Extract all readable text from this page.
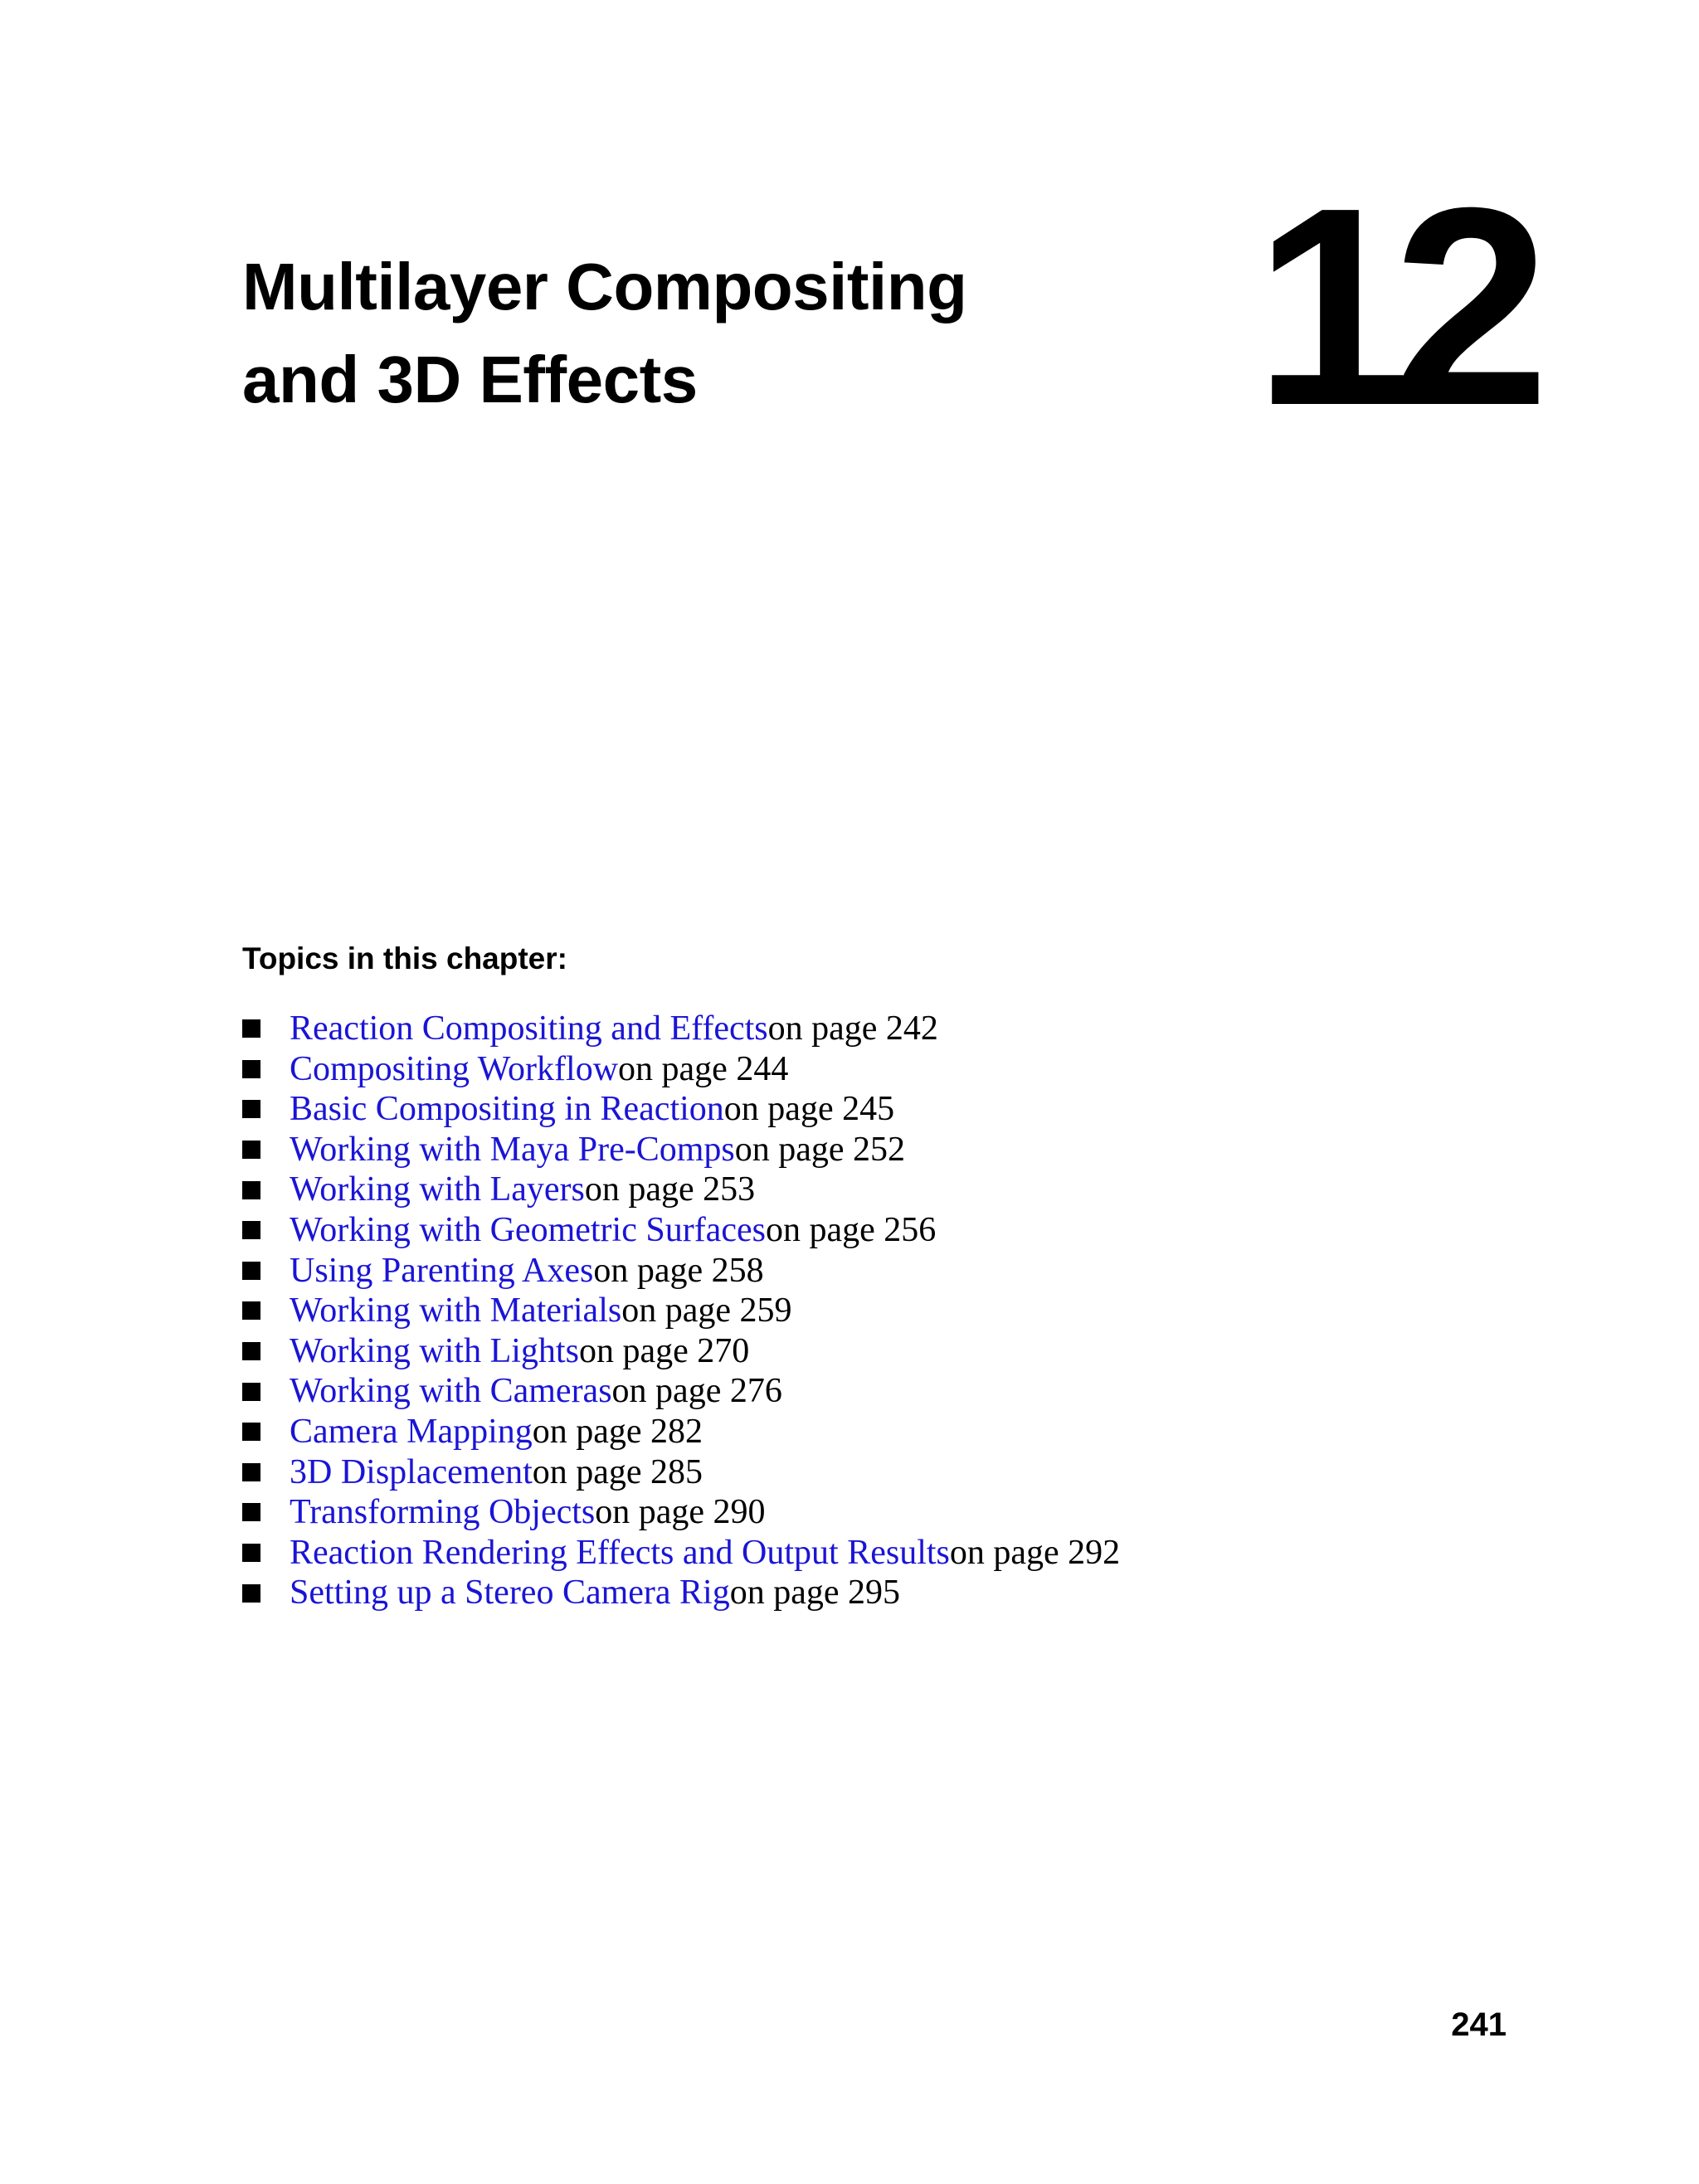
Multilayer Compositing
and 3D Effects	12
Topics in this chapter:
Reaction Compositing and Effects on page 242
Compositing Workflow on page 244
Basic Compositing in Reaction on page 245
Working with Maya Pre-Comps on page 252
Working with Layers on page 253
Working with Geometric Surfaces on page 256
Using Parenting Axes on page 258
Working with Materials on page 259
Working with Lights on page 270
Working with Cameras on page 276
Camera Mapping on page 282
3D Displacement on page 285
Transforming Objects on page 290
Reaction Rendering Effects and Output Results on page 292
Setting up a Stereo Camera Rig on page 295
241
